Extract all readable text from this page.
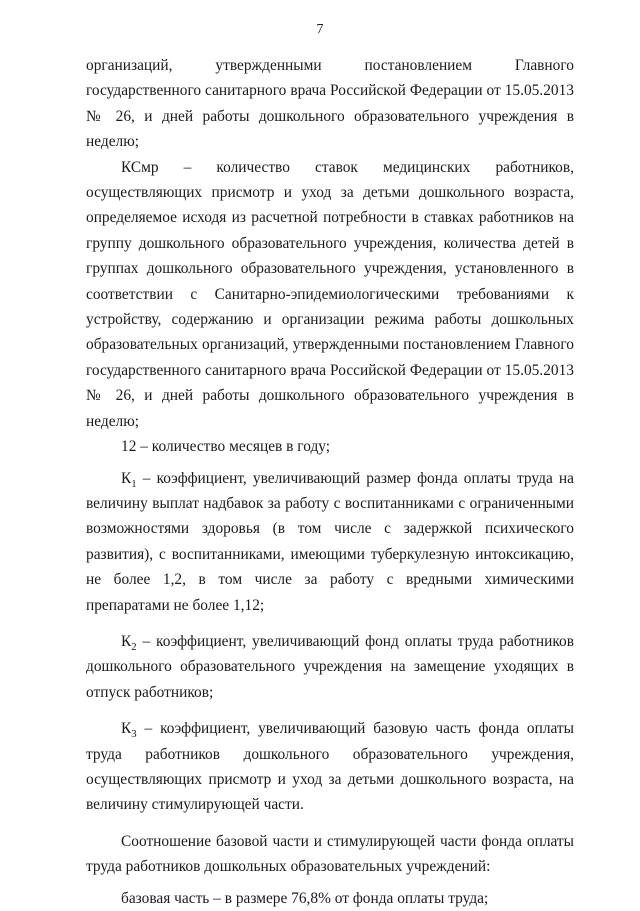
7

организаций, утвержденными постановлением Главного государственного санитарного врача Российской Федерации от 15.05.2013 № 26, и дней работы дошкольного образовательного учреждения в неделю;

КСмр – количество ставок медицинских работников, осуществляющих присмотр и уход за детьми дошкольного возраста, определяемое исходя из расчетной потребности в ставках работников на группу дошкольного образовательного учреждения, количества детей в группах дошкольного образовательного учреждения, установленного в соответствии с Санитарно-эпидемиологическими требованиями к устройству, содержанию и организации режима работы дошкольных образовательных организаций, утвержденными постановлением Главного государственного санитарного врача Российской Федерации от 15.05.2013 № 26, и дней работы дошкольного образовательного учреждения в неделю;

12 – количество месяцев в году;

$К_1$ – коэффициент, увеличивающий размер фонда оплаты труда на величину выплат надбавок за работу с воспитанниками с ограниченными возможностями здоровья (в том числе с задержкой психического развития), с воспитанниками, имеющими туберкулезную интоксикацию, не более 1,2, в том числе за работу с вредными химическими препаратами не более 1,12;

$К_2$ – коэффициент, увеличивающий фонд оплаты труда работников дошкольного образовательного учреждения на замещение уходящих в отпуск работников;

$К_3$ – коэффициент, увеличивающий базовую часть фонда оплаты труда работников дошкольного образовательного учреждения, осуществляющих присмотр и уход за детьми дошкольного возраста, на величину стимулирующей части.

Соотношение базовой части и стимулирующей части фонда оплаты труда работников дошкольных образовательных учреждений:

базовая часть – в размере 76,8% от фонда оплаты труда;
